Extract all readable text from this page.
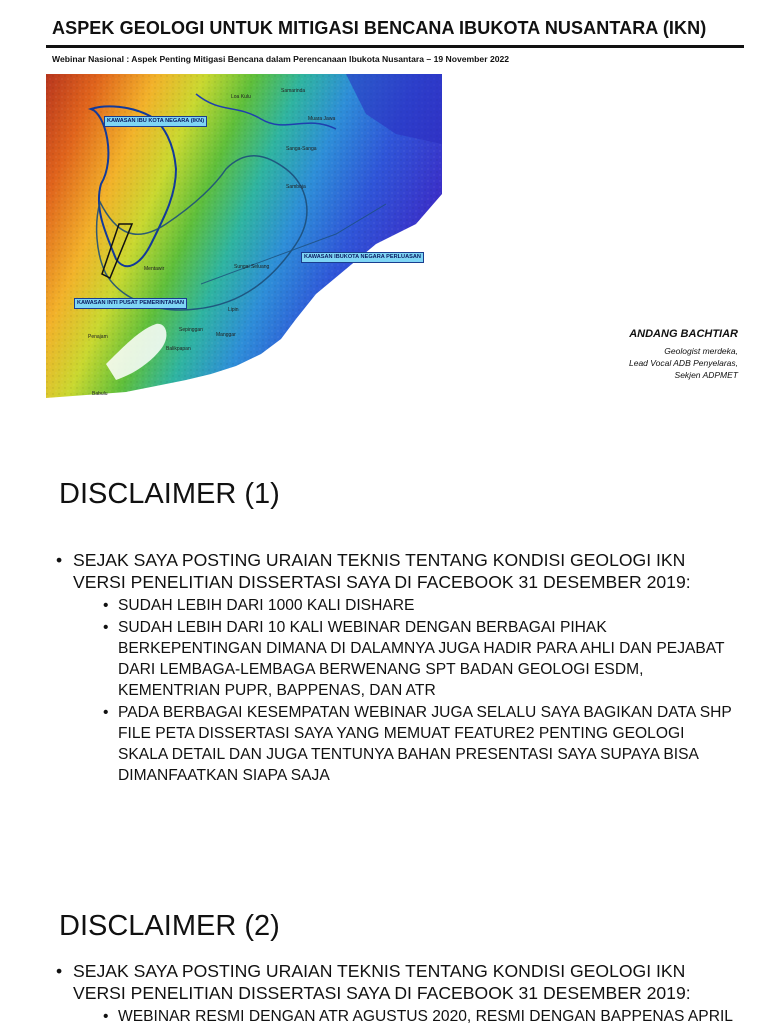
ASPEK GEOLOGI UNTUK MITIGASI BENCANA IBUKOTA NUSANTARA (IKN)
Webinar Nasional : Aspek Penting Mitigasi Bencana dalam Perencanaan Ibukota Nusantara – 19 November 2022
KAWASAN IBU KOTA NEGARA (IKN)
KAWASAN IBUKOTA NEGARA PERLUASAN
KAWASAN INTI PUSAT PEMERINTAHAN
Samarinda
Loa Kulu
Sanga-Sanga
Muara Jawa
Samboja
Mentawir	Sungai Seluang
Lipin
Sepinggan
Manggar
Balikpapan
Penajam
Babulu
ANDANG BACHTIAR
Geologist merdeka,
Lead Vocal ADB Penyelaras,
Sekjen ADPMET
DISCLAIMER (1)
• SEJAK SAYA POSTING URAIAN TEKNIS TENTANG KONDISI GEOLOGI IKN VERSI PENELITIAN DISSERTASI SAYA DI FACEBOOK 31 DESEMBER 2019:
• SUDAH LEBIH DARI 1000 KALI DISHARE
• SUDAH LEBIH DARI 10 KALI WEBINAR DENGAN BERBAGAI PIHAK BERKEPENTINGAN DIMANA DI DALAMNYA JUGA HADIR PARA AHLI DAN PEJABAT DARI LEMBAGA-LEMBAGA BERWENANG SPT BADAN GEOLOGI ESDM, KEMENTRIAN PUPR, BAPPENAS, DAN ATR
• PADA BERBAGAI KESEMPATAN WEBINAR JUGA SELALU SAYA BAGIKAN DATA SHP FILE PETA DISSERTASI SAYA YANG MEMUAT FEATURE2 PENTING GEOLOGI SKALA DETAIL DAN JUGA TENTUNYA BAHAN PRESENTASI SAYA SUPAYA BISA DIMANFAATKAN SIAPA SAJA
DISCLAIMER (2)
• SEJAK SAYA POSTING URAIAN TEKNIS TENTANG KONDISI GEOLOGI IKN VERSI PENELITIAN DISSERTASI SAYA DI FACEBOOK 31 DESEMBER 2019:
• WEBINAR RESMI DENGAN ATR AGUSTUS 2020, RESMI DENGAN BAPPENAS APRIL
